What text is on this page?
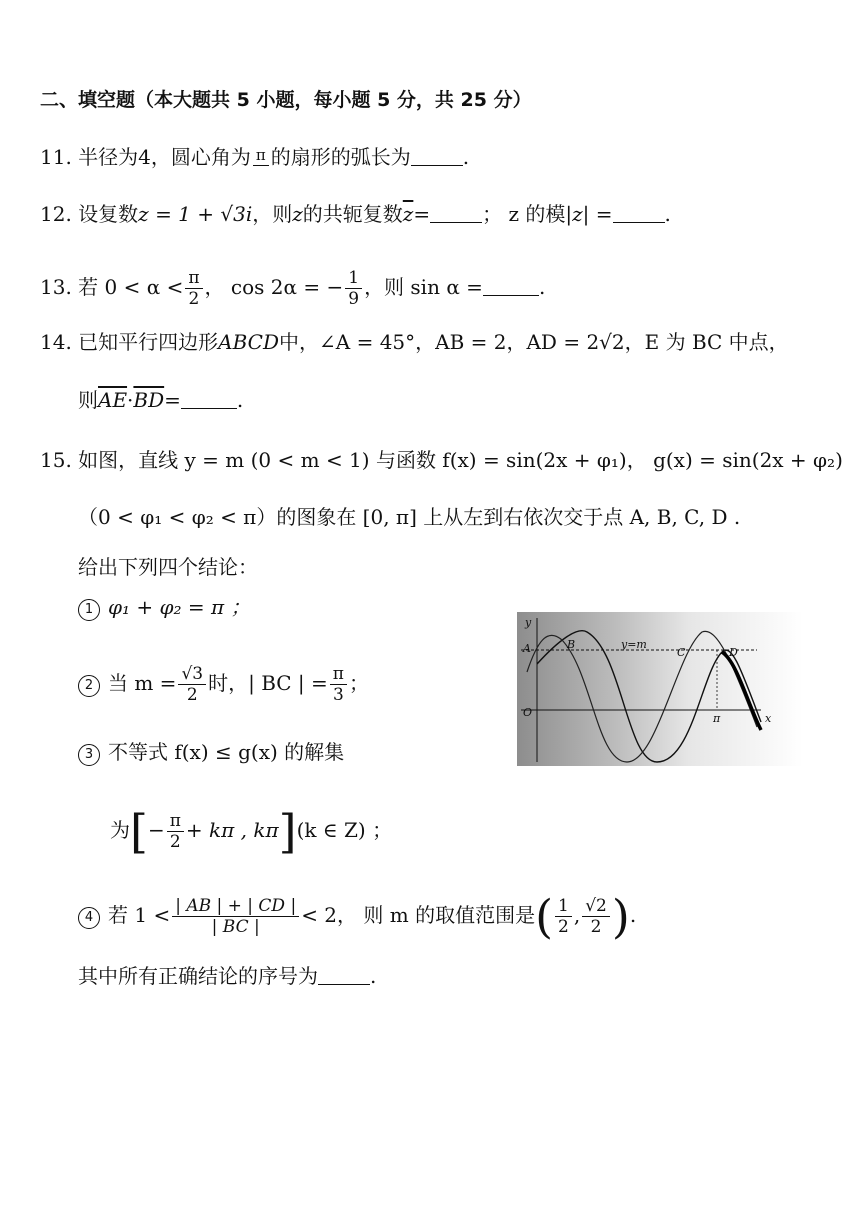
二、填空题（本大题共 5 小题，每小题 5 分，共 25 分）
11. 半径为4，圆心角为 π 的扇形的弧长为	.
12. 设复数z = 1 + √3i，则z的共轭复数$\overline{z}=$	； z 的模|z| =	.
13. 若 $0 < \alpha < \frac{\pi}{2}$ ， cos 2α = − $\frac{1}{9}$ ，则 sin α =	.
14. 已知平行四边形ABCD中，∠A = 45°，AB = 2，AD = 2√2，E 为 BC 中点，
则$\overline{AE}\cdot\overline{BD}=$	.
15. 如图，直线 y = m (0 < m < 1) 与函数 f(x) = sin(2x + φ₁)， g(x) = sin(2x + φ₂)
（0 < φ₁ < φ₂ < π）的图象在 [0, π] 上从左到右依次交于点 A, B, C, D .
给出下列四个结论：
1 φ₁ + φ₂ = π ；
2 当 $m = \frac{√3}{2}$ 时，| BC | = $\frac{\pi}{3}$ ；
3 不等式 f(x) ≤ g(x) 的解集
为[− $\frac{\pi}{2} + k\pi$ , kπ](k ∈ Z) ；
4 若 $1 < \frac{| AB | + | CD |}{| BC |} < 2$， 则 m 的取值范围是( $\frac{1}{2}$ , $\frac{√2}{2}$ ).
其中所有正确结论的序号为	.
y
A	B	y=m
C	D
O	π	x
